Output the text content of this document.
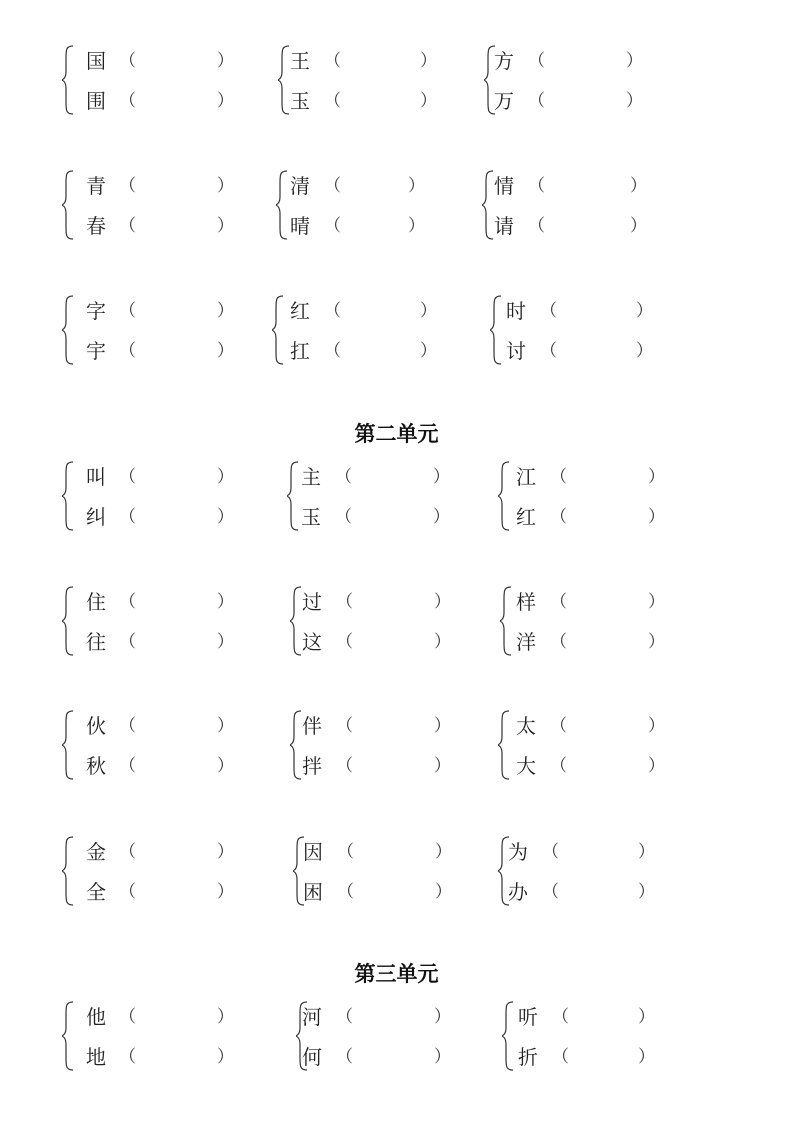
第二单元
第三单元
国 （	）
围 （	）
王 （	）
玉 （	）
方 （	）
万 （	）
青 （	）
春 （	）
清 （	）
晴 （	）
情 （	）
请 （	）
字 （	）
宇 （	）
红 （	）
扛 （	）
时 （	）
讨 （	）
叫 （	）
纠 （	）
主 （	）
玉 （	）
江 （	）
红 （	）
住 （	）
往 （	）
过 （	）
这 （	）
样 （	）
洋 （	）
伙 （	）
秋 （	）
伴 （	）
拌 （	）
太 （	）
大 （	）
金 （	）
全 （	）
因 （	）
困 （	）
为 （	）
办 （	）
他 （	）
地 （	）
河 （	）
何 （	）
听 （	）
折 （	）
